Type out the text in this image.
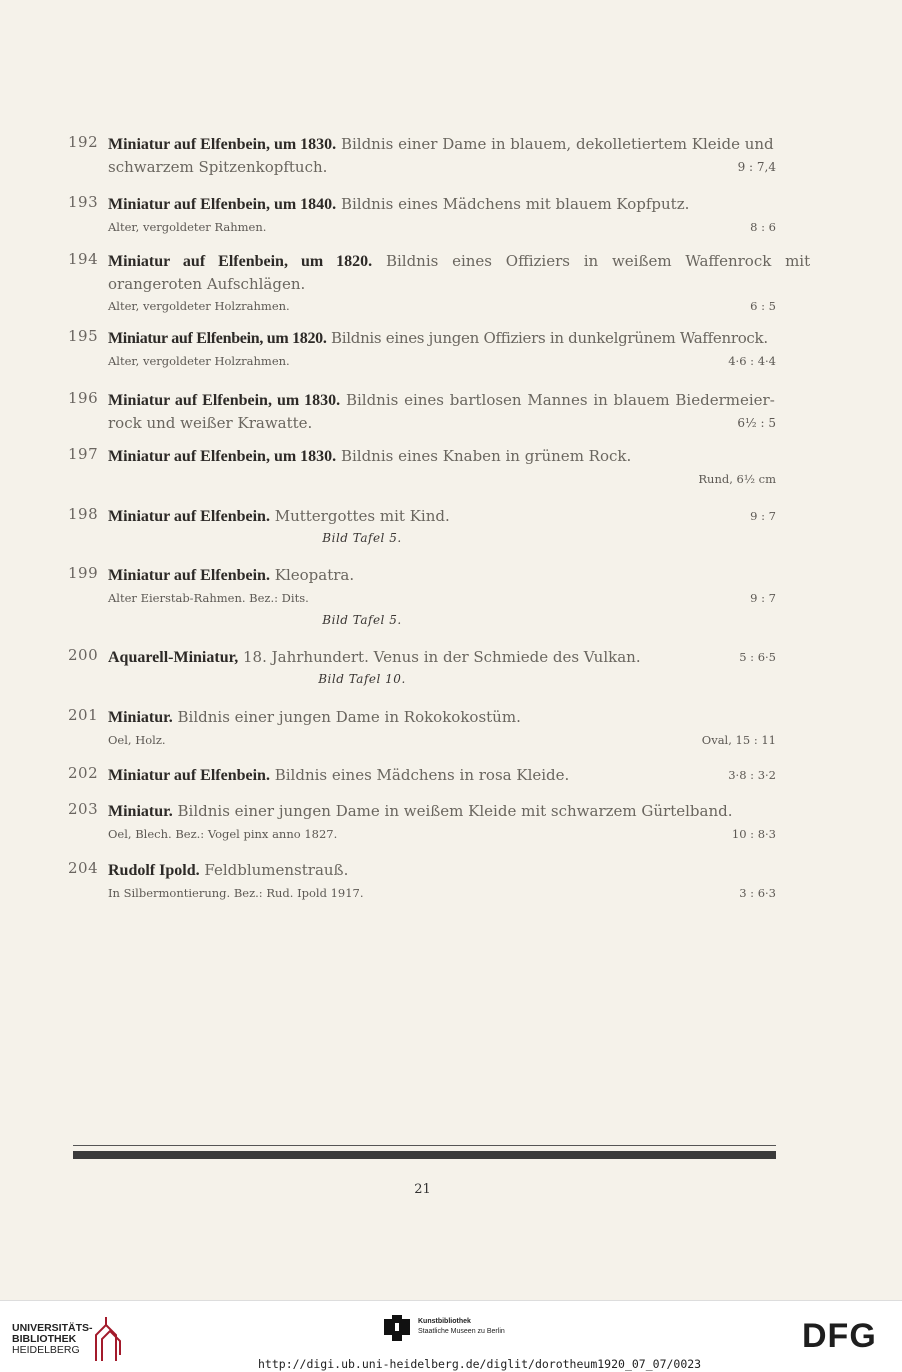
192 Miniatur auf Elfenbein, um 1830. Bildnis einer Dame in blauem, dekolletiertem Kleide und
schwarzem Spitzenkopftuch.	9 : 7,4
193 Miniatur auf Elfenbein, um 1840. Bildnis eines Mädchens mit blauem Kopfputz.
Alter, vergoldeter Rahmen.	8 : 6
194 Miniatur auf Elfenbein, um 1820. Bildnis eines Offiziers in weißem Waffenrock mit
orangeroten Aufschlägen.
Alter, vergoldeter Holzrahmen.	6 : 5
195 Miniatur auf Elfenbein, um 1820. Bildnis eines jungen Offiziers in dunkelgrünem Waffenrock.
Alter, vergoldeter Holzrahmen.	4·6 : 4·4
196 Miniatur auf Elfenbein, um 1830. Bildnis eines bartlosen Mannes in blauem Biedermeier-
rock und weißer Krawatte.	6½ : 5
197 Miniatur auf Elfenbein, um 1830. Bildnis eines Knaben in grünem Rock.
Rund, 6½ cm
198 Miniatur auf Elfenbein. Muttergottes mit Kind.	9 : 7
Bild Tafel 5.
199 Miniatur auf Elfenbein. Kleopatra.
Alter Eierstab-Rahmen. Bez.: Dits.	9 : 7
Bild Tafel 5.
200 Aquarell-Miniatur, 18. Jahrhundert. Venus in der Schmiede des Vulkan.	5 : 6·5
Bild Tafel 10.
201 Miniatur. Bildnis einer jungen Dame in Rokokokostüm.
Oel, Holz.	Oval, 15 : 11
202 Miniatur auf Elfenbein. Bildnis eines Mädchens in rosa Kleide.	3·8 : 3·2
203 Miniatur. Bildnis einer jungen Dame in weißem Kleide mit schwarzem Gürtelband.
Oel, Blech. Bez.: Vogel pinx anno 1827.	10 : 8·3
204 Rudolf Ipold. Feldblumenstrauß.
In Silbermontierung. Bez.: Rud. Ipold 1917.	3 : 6·3
21
UNIVERSITÄTS-
BIBLIOTHEK
HEIDELBERG
Kunstbibliothek
Staatliche Museen zu Berlin	DFG
http://digi.ub.uni-heidelberg.de/diglit/dorotheum1920_07_07/0023
